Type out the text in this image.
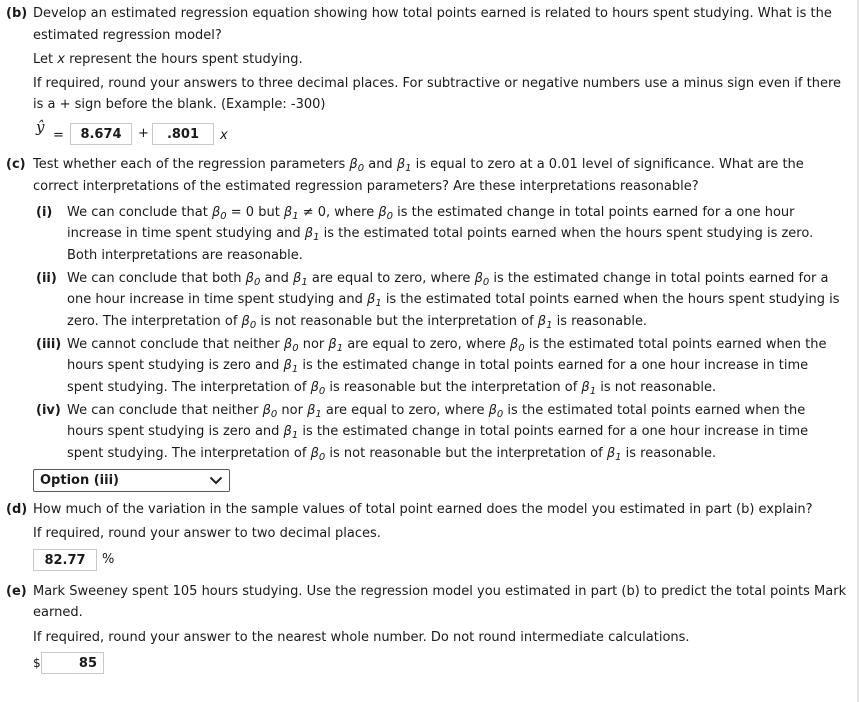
(b) Develop an estimated regression equation showing how total points earned is related to hours spent studying. What is the
estimated regression model?
Let x represent the hours spent studying.
If required, round your answers to three decimal places. For subtractive or negative numbers use a minus sign even if there
is a + sign before the blank. (Example: -300)
ŷ =	8.674	+	.801	x
(c) Test whether each of the regression parameters $\beta_0$ and $\beta_1$ is equal to zero at a 0.01 level of significance. What are the
correct interpretations of the estimated regression parameters? Are these interpretations reasonable?
(i) We can conclude that $\beta_0 = 0$ but $\beta_1 \ne 0$, where $\beta_0$ is the estimated change in total points earned for a one hour
increase in time spent studying and $\beta_1$ is the estimated total points earned when the hours spent studying is zero.
Both interpretations are reasonable.
(ii) We can conclude that both $\beta_0$ and $\beta_1$ are equal to zero, where $\beta_0$ is the estimated change in total points earned for a
one hour increase in time spent studying and $\beta_1$ is the estimated total points earned when the hours spent studying is
zero. The interpretation of $\beta_0$ is not reasonable but the interpretation of $\beta_1$ is reasonable.
(iii) We cannot conclude that neither $\beta_0$ nor $\beta_1$ are equal to zero, where $\beta_0$ is the estimated total points earned when the
hours spent studying is zero and $\beta_1$ is the estimated change in total points earned for a one hour increase in time
spent studying. The interpretation of $\beta_0$ is reasonable but the interpretation of $\beta_1$ is not reasonable.
(iv) We can conclude that neither $\beta_0$ nor $\beta_1$ are equal to zero, where $\beta_0$ is the estimated total points earned when the
hours spent studying is zero and $\beta_1$ is the estimated change in total points earned for a one hour increase in time
spent studying. The interpretation of $\beta_0$ is not reasonable but the interpretation of $\beta_1$ is reasonable.
Option (iii)
(d) How much of the variation in the sample values of total point earned does the model you estimated in part (b) explain?
If required, round your answer to two decimal places.
82.77	%
(e) Mark Sweeney spent 105 hours studying. Use the regression model you estimated in part (b) to predict the total points Mark
earned.
If required, round your answer to the nearest whole number. Do not round intermediate calculations.
$	85
